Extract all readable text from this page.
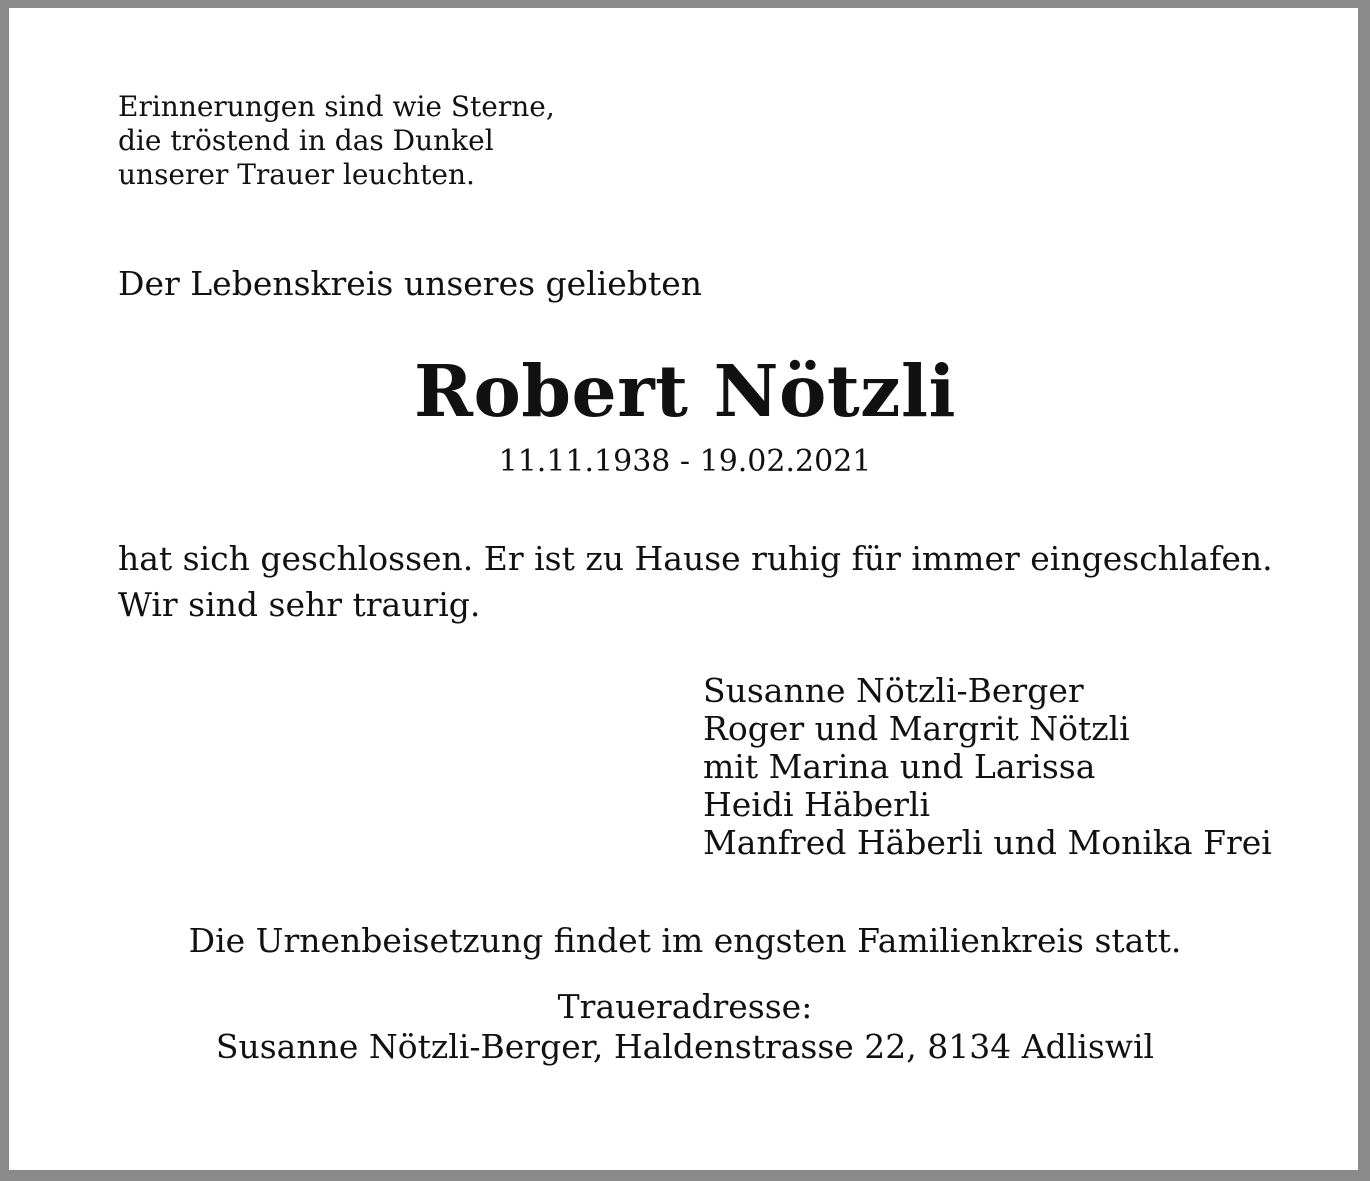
Erinnerungen sind wie Sterne,
die tröstend in das Dunkel
unserer Trauer leuchten.
Der Lebenskreis unseres geliebten
Robert Nötzli
11.11.1938 - 19.02.2021
hat sich geschlossen. Er ist zu Hause ruhig für immer eingeschlafen.
Wir sind sehr traurig.
Susanne Nötzli-Berger
Roger und Margrit Nötzli
mit Marina und Larissa
Heidi Häberli
Manfred Häberli und Monika Frei
Die Urnenbeisetzung findet im engsten Familienkreis statt.
Traueradresse:
Susanne Nötzli-Berger, Haldenstrasse 22, 8134 Adliswil
